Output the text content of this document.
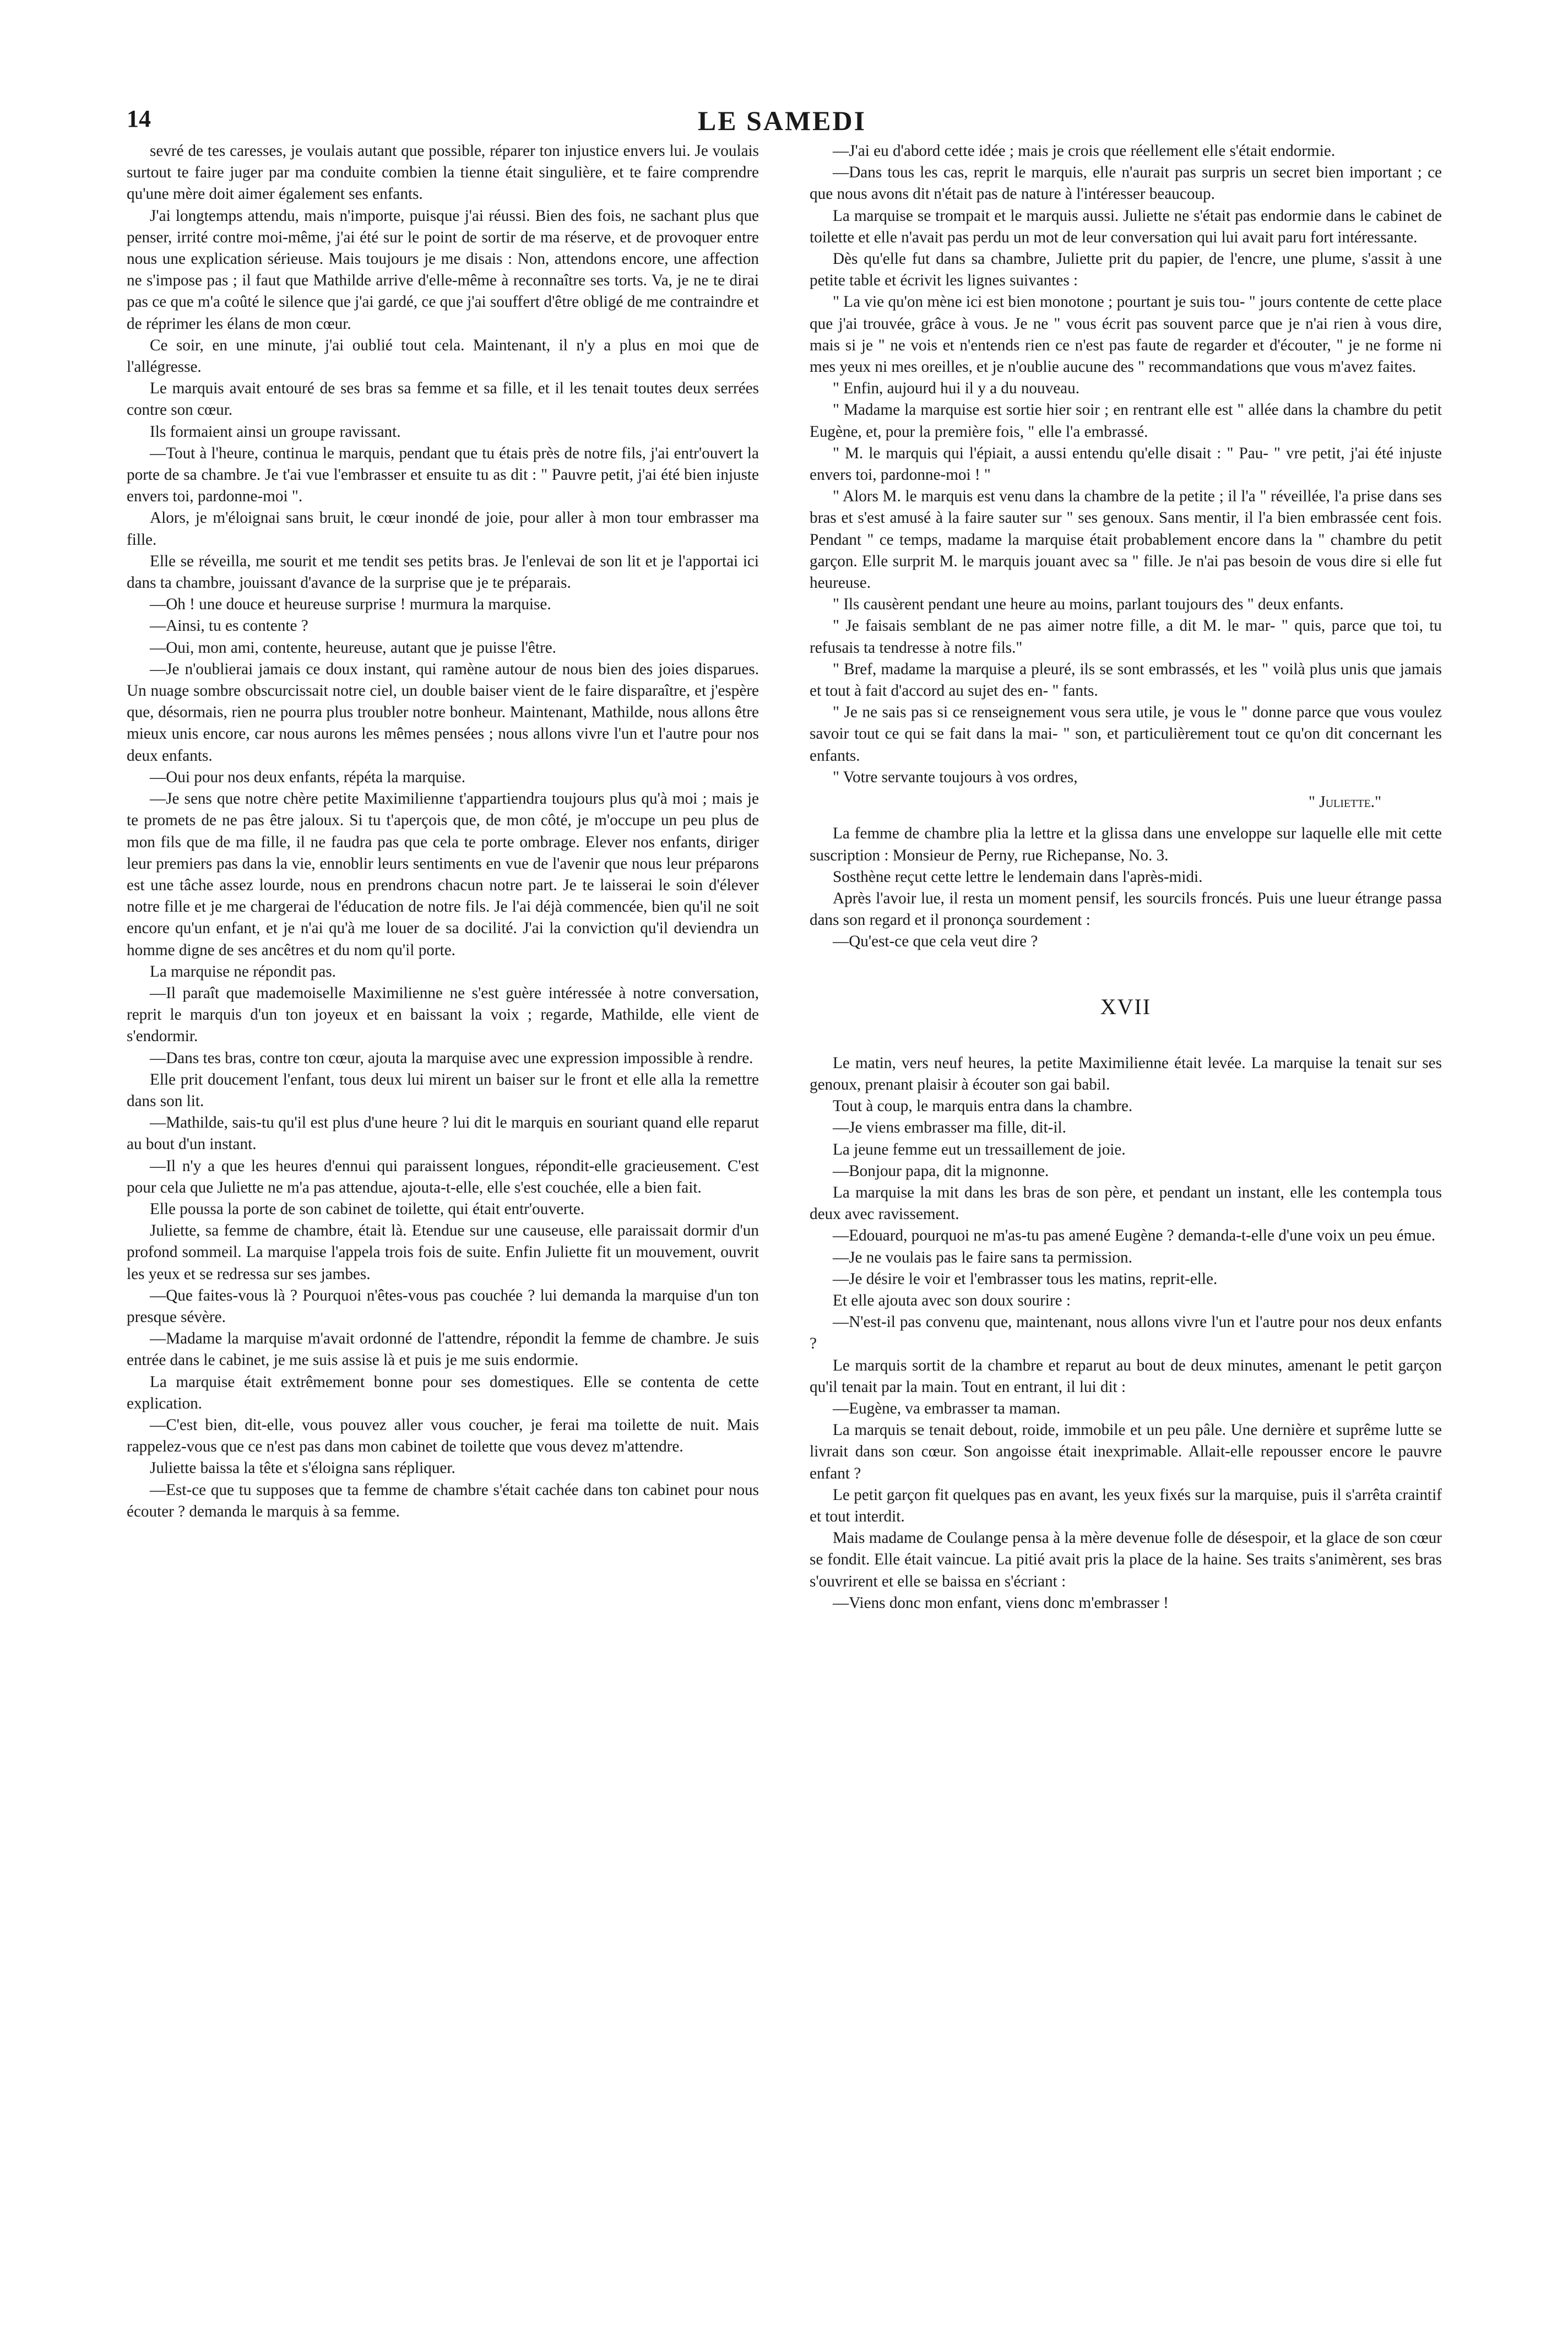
14	LE SAMEDI

sevré de tes caresses, je voulais autant que possible, réparer ton injustice envers lui. Je voulais surtout te faire juger par ma conduite combien la tienne était singulière, et te faire comprendre qu'une mère doit aimer également ses enfants.

J'ai longtemps attendu, mais n'importe, puisque j'ai réussi. Bien des fois, ne sachant plus que penser, irrité contre moi-même, j'ai été sur le point de sortir de ma réserve, et de provoquer entre nous une explication sérieuse. Mais toujours je me disais : Non, attendons encore, une affection ne s'impose pas ; il faut que Mathilde arrive d'elle-même à reconnaître ses torts. Va, je ne te dirai pas ce que m'a coûté le silence que j'ai gardé, ce que j'ai souffert d'être obligé de me contraindre et de réprimer les élans de mon cœur.

Ce soir, en une minute, j'ai oublié tout cela. Maintenant, il n'y a plus en moi que de l'allégresse.

Le marquis avait entouré de ses bras sa femme et sa fille, et il les tenait toutes deux serrées contre son cœur.

Ils formaient ainsi un groupe ravissant.

—Tout à l'heure, continua le marquis, pendant que tu étais près de notre fils, j'ai entr'ouvert la porte de sa chambre. Je t'ai vue l'embrasser et ensuite tu as dit : " Pauvre petit, j'ai été bien injuste envers toi, pardonne-moi ".

Alors, je m'éloignai sans bruit, le cœur inondé de joie, pour aller à mon tour embrasser ma fille.

Elle se réveilla, me sourit et me tendit ses petits bras. Je l'enlevai de son lit et je l'apportai ici dans ta chambre, jouissant d'avance de la surprise que je te préparais.

—Oh ! une douce et heureuse surprise ! murmura la marquise.

—Ainsi, tu es contente ?

—Oui, mon ami, contente, heureuse, autant que je puisse l'être.

—Je n'oublierai jamais ce doux instant, qui ramène autour de nous bien des joies disparues. Un nuage sombre obscurcissait notre ciel, un double baiser vient de le faire disparaître, et j'espère que, désormais, rien ne pourra plus troubler notre bonheur. Maintenant, Mathilde, nous allons être mieux unis encore, car nous aurons les mêmes pensées ; nous allons vivre l'un et l'autre pour nos deux enfants.

—Oui pour nos deux enfants, répéta la marquise.

—Je sens que notre chère petite Maximilienne t'appartiendra toujours plus qu'à moi ; mais je te promets de ne pas être jaloux. Si tu t'aperçois que, de mon côté, je m'occupe un peu plus de mon fils que de ma fille, il ne faudra pas que cela te porte ombrage. Elever nos enfants, diriger leur premiers pas dans la vie, ennoblir leurs sentiments en vue de l'avenir que nous leur préparons est une tâche assez lourde, nous en prendrons chacun notre part. Je te laisserai le soin d'élever notre fille et je me chargerai de l'éducation de notre fils. Je l'ai déjà commencée, bien qu'il ne soit encore qu'un enfant, et je n'ai qu'à me louer de sa docilité. J'ai la conviction qu'il deviendra un homme digne de ses ancêtres et du nom qu'il porte.

La marquise ne répondit pas.

—Il paraît que mademoiselle Maximilienne ne s'est guère intéressée à notre conversation, reprit le marquis d'un ton joyeux et en baissant la voix ; regarde, Mathilde, elle vient de s'endormir.

—Dans tes bras, contre ton cœur, ajouta la marquise avec une expression impossible à rendre.

Elle prit doucement l'enfant, tous deux lui mirent un baiser sur le front et elle alla la remettre dans son lit.

—Mathilde, sais-tu qu'il est plus d'une heure ? lui dit le marquis en souriant quand elle reparut au bout d'un instant.

—Il n'y a que les heures d'ennui qui paraissent longues, répondit-elle gracieusement. C'est pour cela que Juliette ne m'a pas attendue, ajouta-t-elle, elle s'est couchée, elle a bien fait.

Elle poussa la porte de son cabinet de toilette, qui était entr'ouverte.

Juliette, sa femme de chambre, était là. Etendue sur une causeuse, elle paraissait dormir d'un profond sommeil. La marquise l'appela trois fois de suite. Enfin Juliette fit un mouvement, ouvrit les yeux et se redressa sur ses jambes.

—Que faites-vous là ? Pourquoi n'êtes-vous pas couchée ? lui demanda la marquise d'un ton presque sévère.

—Madame la marquise m'avait ordonné de l'attendre, répondit la femme de chambre. Je suis entrée dans le cabinet, je me suis assise là et puis je me suis endormie.

La marquise était extrêmement bonne pour ses domestiques. Elle se contenta de cette explication.

—C'est bien, dit-elle, vous pouvez aller vous coucher, je ferai ma toilette de nuit. Mais rappelez-vous que ce n'est pas dans mon cabinet de toilette que vous devez m'attendre.

Juliette baissa la tête et s'éloigna sans répliquer.

—Est-ce que tu supposes que ta femme de chambre s'était cachée dans ton cabinet pour nous écouter ? demanda le marquis à sa femme.

—J'ai eu d'abord cette idée ; mais je crois que réellement elle s'était endormie.

—Dans tous les cas, reprit le marquis, elle n'aurait pas surpris un secret bien important ; ce que nous avons dit n'était pas de nature à l'intéresser beaucoup.

La marquise se trompait et le marquis aussi. Juliette ne s'était pas endormie dans le cabinet de toilette et elle n'avait pas perdu un mot de leur conversation qui lui avait paru fort intéressante.

Dès qu'elle fut dans sa chambre, Juliette prit du papier, de l'encre, une plume, s'assit à une petite table et écrivit les lignes suivantes :

" La vie qu'on mène ici est bien monotone ; pourtant je suis tou- " jours contente de cette place que j'ai trouvée, grâce à vous. Je ne " vous écrit pas souvent parce que je n'ai rien à vous dire, mais si je " ne vois et n'entends rien ce n'est pas faute de regarder et d'écouter, " je ne forme ni mes yeux ni mes oreilles, et je n'oublie aucune des " recommandations que vous m'avez faites.

" Enfin, aujourd hui il y a du nouveau.

" Madame la marquise est sortie hier soir ; en rentrant elle est " allée dans la chambre du petit Eugène, et, pour la première fois, " elle l'a embrassé.

" M. le marquis qui l'épiait, a aussi entendu qu'elle disait : " Pau- " vre petit, j'ai été injuste envers toi, pardonne-moi ! "

" Alors M. le marquis est venu dans la chambre de la petite ; il l'a " réveillée, l'a prise dans ses bras et s'est amusé à la faire sauter sur " ses genoux. Sans mentir, il l'a bien embrassée cent fois. Pendant " ce temps, madame la marquise était probablement encore dans la " chambre du petit garçon. Elle surprit M. le marquis jouant avec sa " fille. Je n'ai pas besoin de vous dire si elle fut heureuse.

" Ils causèrent pendant une heure au moins, parlant toujours des " deux enfants.

" Je faisais semblant de ne pas aimer notre fille, a dit M. le mar- " quis, parce que toi, tu refusais ta tendresse à notre fils."

" Bref, madame la marquise a pleuré, ils se sont embrassés, et les " voilà plus unis que jamais et tout à fait d'accord au sujet des en- " fants.

" Je ne sais pas si ce renseignement vous sera utile, je vous le " donne parce que vous voulez savoir tout ce qui se fait dans la mai- " son, et particulièrement tout ce qu'on dit concernant les enfants.

" Votre servante toujours à vos ordres,

" Juliette."

La femme de chambre plia la lettre et la glissa dans une enveloppe sur laquelle elle mit cette suscription : Monsieur de Perny, rue Richepanse, No. 3.

Sosthène reçut cette lettre le lendemain dans l'après-midi.

Après l'avoir lue, il resta un moment pensif, les sourcils froncés. Puis une lueur étrange passa dans son regard et il prononça sourdement :

—Qu'est-ce que cela veut dire ?

XVII

Le matin, vers neuf heures, la petite Maximilienne était levée. La marquise la tenait sur ses genoux, prenant plaisir à écouter son gai babil.

Tout à coup, le marquis entra dans la chambre.

—Je viens embrasser ma fille, dit-il.

La jeune femme eut un tressaillement de joie.

—Bonjour papa, dit la mignonne.

La marquise la mit dans les bras de son père, et pendant un instant, elle les contempla tous deux avec ravissement.

—Edouard, pourquoi ne m'as-tu pas amené Eugène ? demanda-t-elle d'une voix un peu émue.

—Je ne voulais pas le faire sans ta permission.

—Je désire le voir et l'embrasser tous les matins, reprit-elle.

Et elle ajouta avec son doux sourire :

—N'est-il pas convenu que, maintenant, nous allons vivre l'un et l'autre pour nos deux enfants ?

Le marquis sortit de la chambre et reparut au bout de deux minutes, amenant le petit garçon qu'il tenait par la main. Tout en entrant, il lui dit :

—Eugène, va embrasser ta maman.

La marquis se tenait debout, roide, immobile et un peu pâle. Une dernière et suprême lutte se livrait dans son cœur. Son angoisse était inexprimable. Allait-elle repousser encore le pauvre enfant ?

Le petit garçon fit quelques pas en avant, les yeux fixés sur la marquise, puis il s'arrêta craintif et tout interdit.

Mais madame de Coulange pensa à la mère devenue folle de désespoir, et la glace de son cœur se fondit. Elle était vaincue. La pitié avait pris la place de la haine. Ses traits s'animèrent, ses bras s'ouvrirent et elle se baissa en s'écriant :

—Viens donc mon enfant, viens donc m'embrasser !
